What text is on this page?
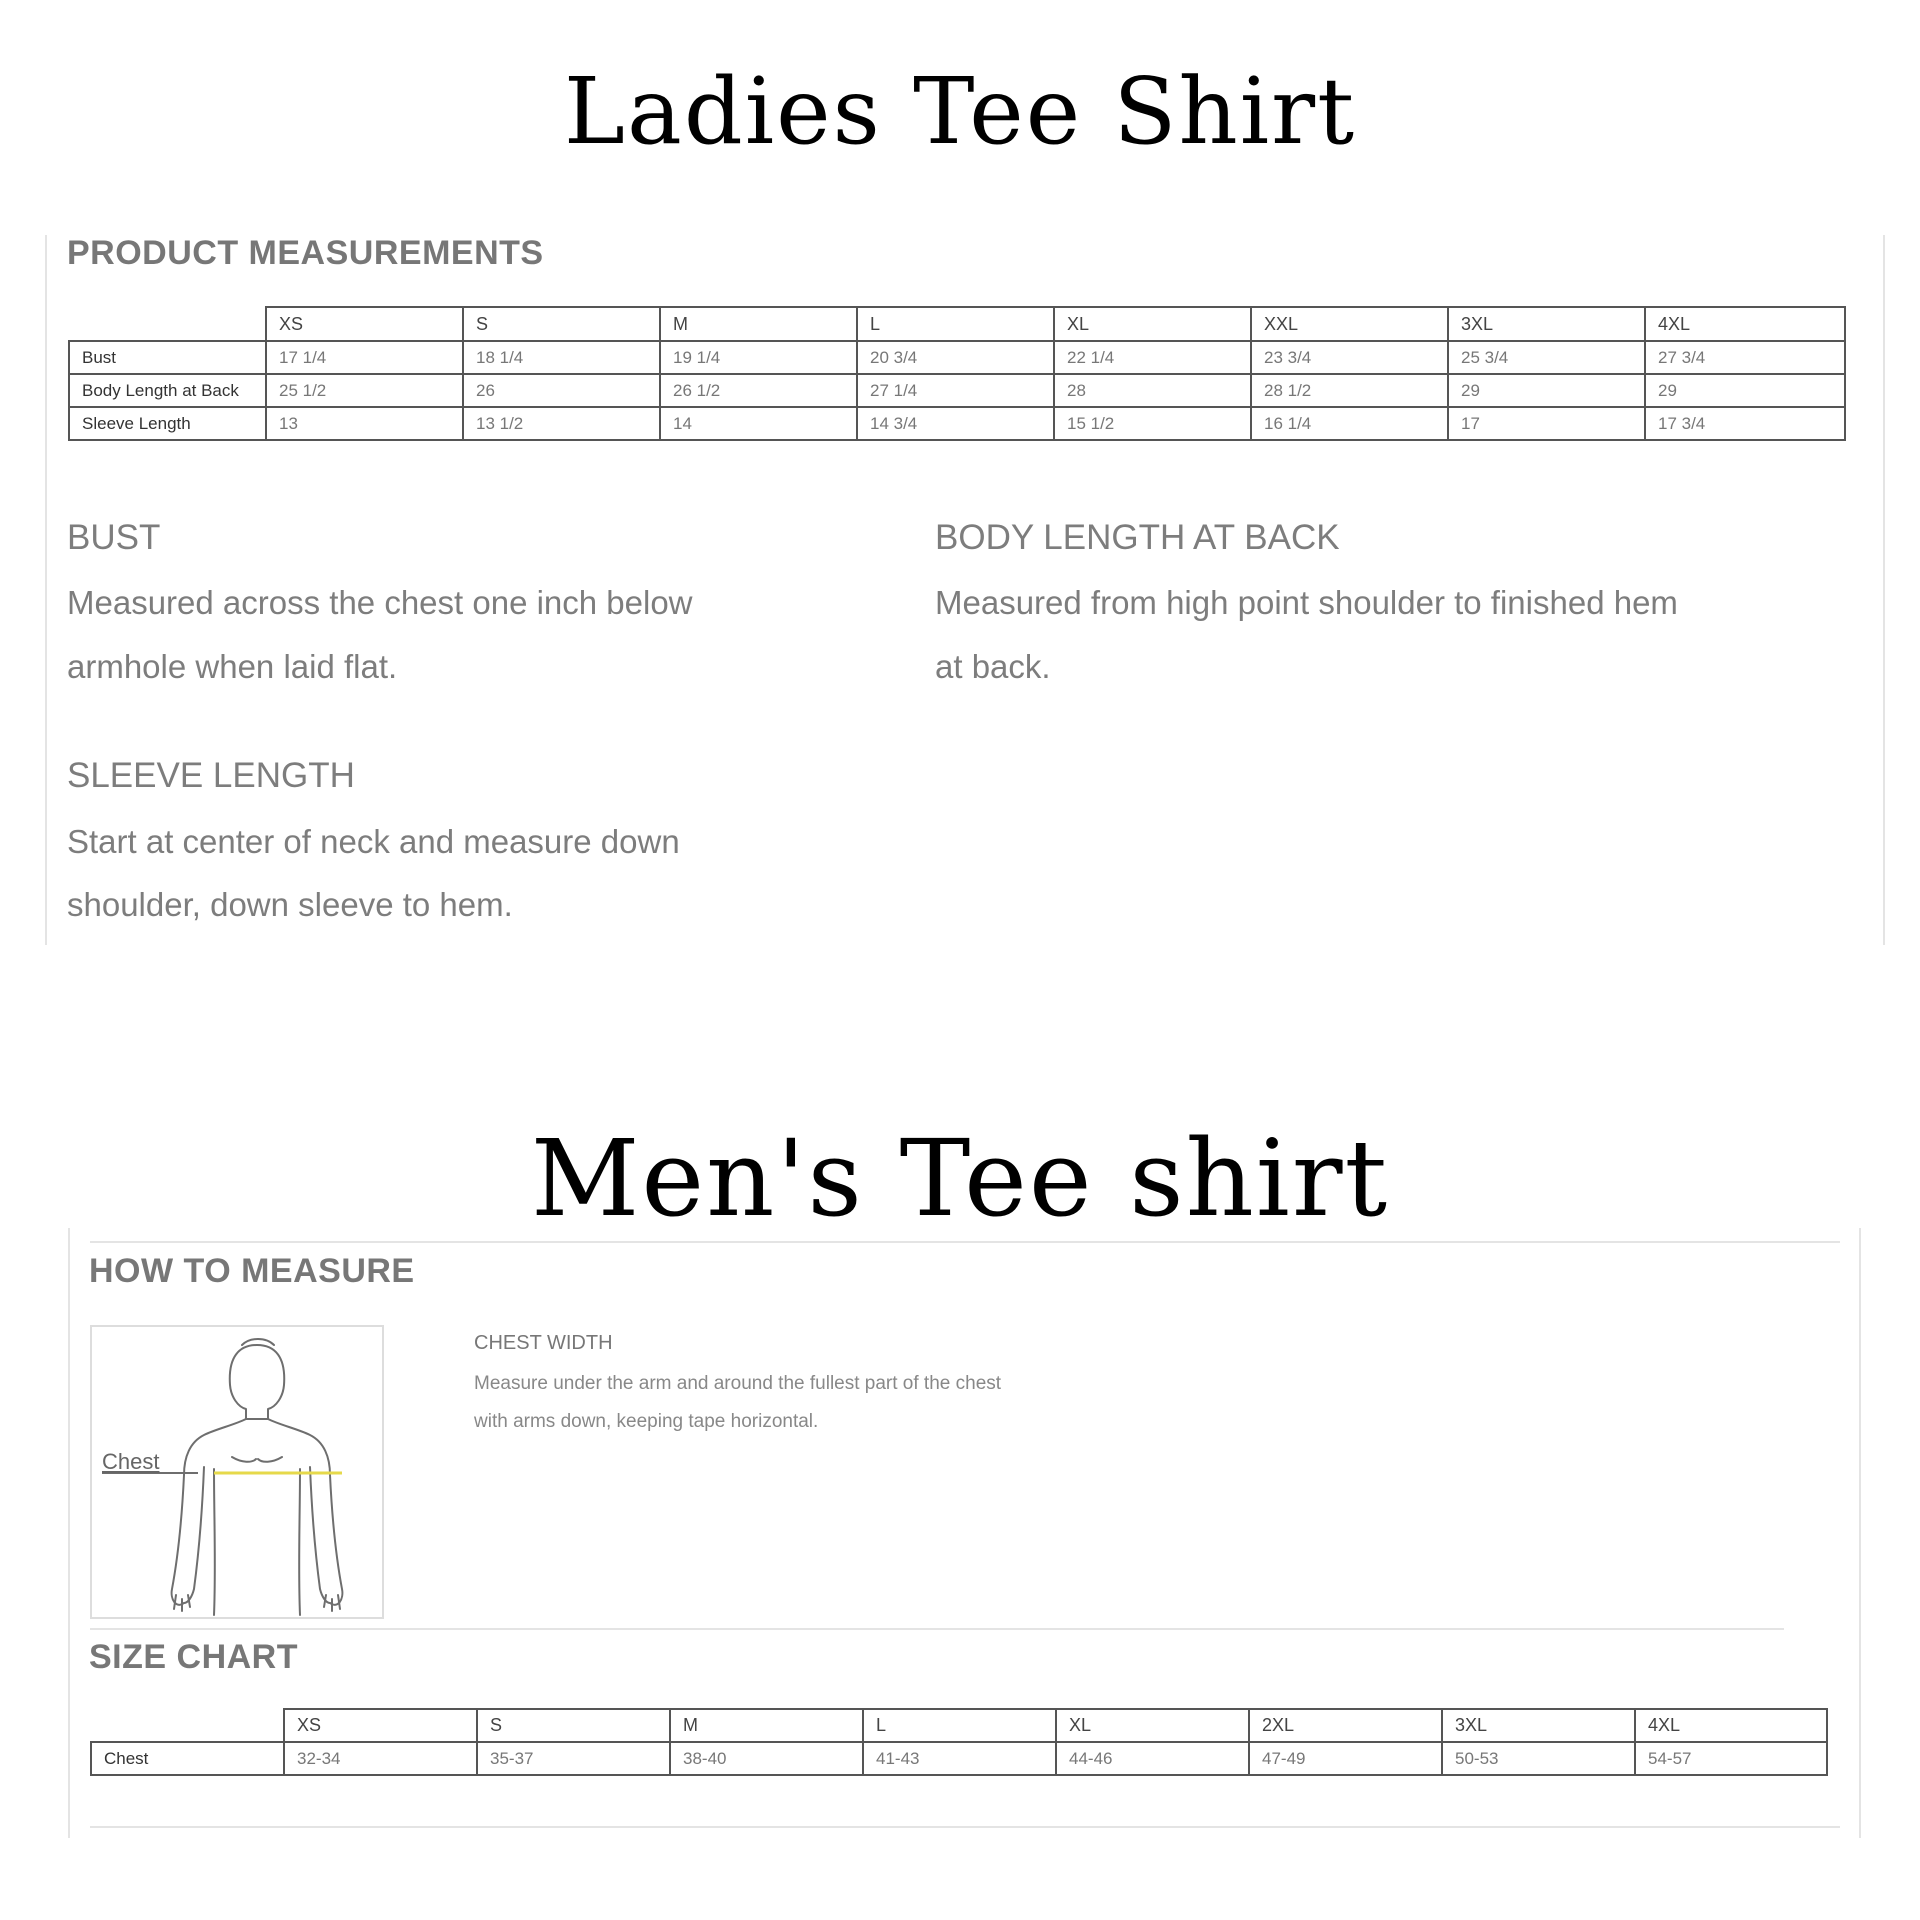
Ladies Tee Shirt
PRODUCT MEASUREMENTS
	XS	S	M	L	XL	XXL	3XL	4XL
Bust	17 1/4	18 1/4	19 1/4	20 3/4	22 1/4	23 3/4	25 3/4	27 3/4
Body Length at Back	25 1/2	26	26 1/2	27 1/4	28	28 1/2	29	29
Sleeve Length	13	13 1/2	14	14 3/4	15 1/2	16 1/4	17	17 3/4
BUST

Measured across the chest one inch below

armhole when laid flat.

BODY LENGTH AT BACK

Measured from high point shoulder to finished hem

at back.

SLEEVE LENGTH

Start at center of neck and measure down

shoulder, down sleeve to hem.

Men's Tee shirt
HOW TO MEASURE
Chest
CHEST WIDTH

Measure under the arm and around the fullest part of the chest
with arms down, keeping tape horizontal.

SIZE CHART
	XS	S	M	L	XL	2XL	3XL	4XL
Chest	32-34	35-37	38-40	41-43	44-46	47-49	50-53	54-57
